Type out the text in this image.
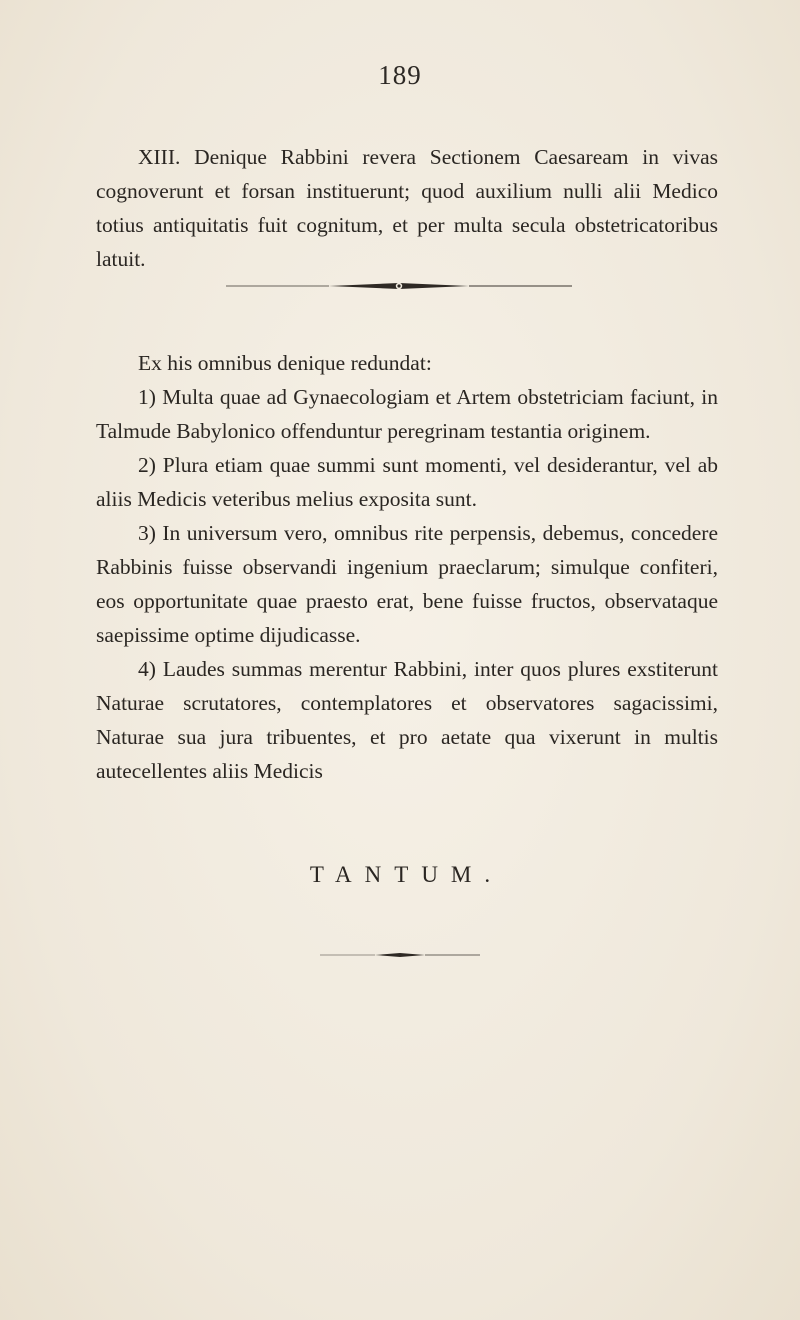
189

XIII. Denique Rabbini revera Sectionem Caesaream in vivas cognoverunt et forsan instituerunt; quod auxilium nulli alii Medico totius antiquitatis fuit cognitum, et per multa secula obstetricatoribus latuit.

Ex his omnibus denique redundat:

1) Multa quae ad Gynaecologiam et Artem obstetriciam faciunt, in Talmude Babylonico offenduntur peregrinam testantia originem.

2) Plura etiam quae summi sunt momenti, vel desiderantur, vel ab aliis Medicis veteribus melius exposita sunt.

3) In universum vero, omnibus rite perpensis, debemus, concedere Rabbinis fuisse observandi ingenium praeclarum; simulque confiteri, eos opportunitate quae praesto erat, bene fuisse fructos, observataque saepissime optime dijudicasse.

4) Laudes summas merentur Rabbini, inter quos plures exstiterunt Naturae scrutatores, contemplatores et observatores sagacissimi, Naturae sua jura tribuentes, et pro aetate qua vixerunt in multis autecellentes aliis Medicis

TANTUM.
